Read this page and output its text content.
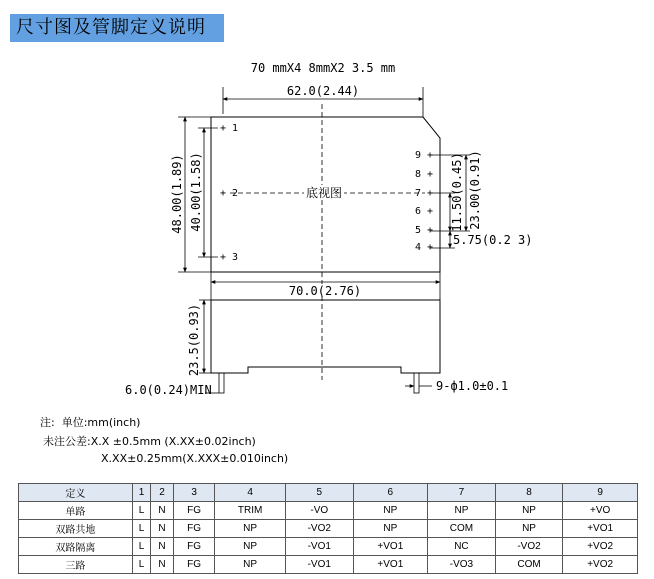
尺寸图及管脚定义说明
70 mmX4 8mmX2 3.5 mm
底视图
62.0(2.44)
70.0(2.76)
48.00(1.89) 40.00(1.58)
+ 1
+ 2
+ 3
9 +
8 +
7 +
6 +
5 +
4 +
11.50(0.45) 23.00(0.91)
5.75(0.2 3)
23.5(0.93)
6.0(0.24)MIN	9-ф1.0±0.1
注:  单位:mm(inch)
未注公差:X.X ±0.5mm (X.XX±0.02inch)
X.XX±0.25mm(X.XXX±0.010inch)
定义	1	2	3	4	5	6	7	8	9
单路	L	N	FG	TRIM	-VO	NP	NP	NP	+VO
双路共地	L	N	FG	NP	-VO2	NP	COM	NP	+VO1
双路隔离	L	N	FG	NP	-VO1	+VO1	NC	-VO2	+VO2
三路	L	N	FG	NP	-VO1	+VO1	-VO3	COM	+VO2
